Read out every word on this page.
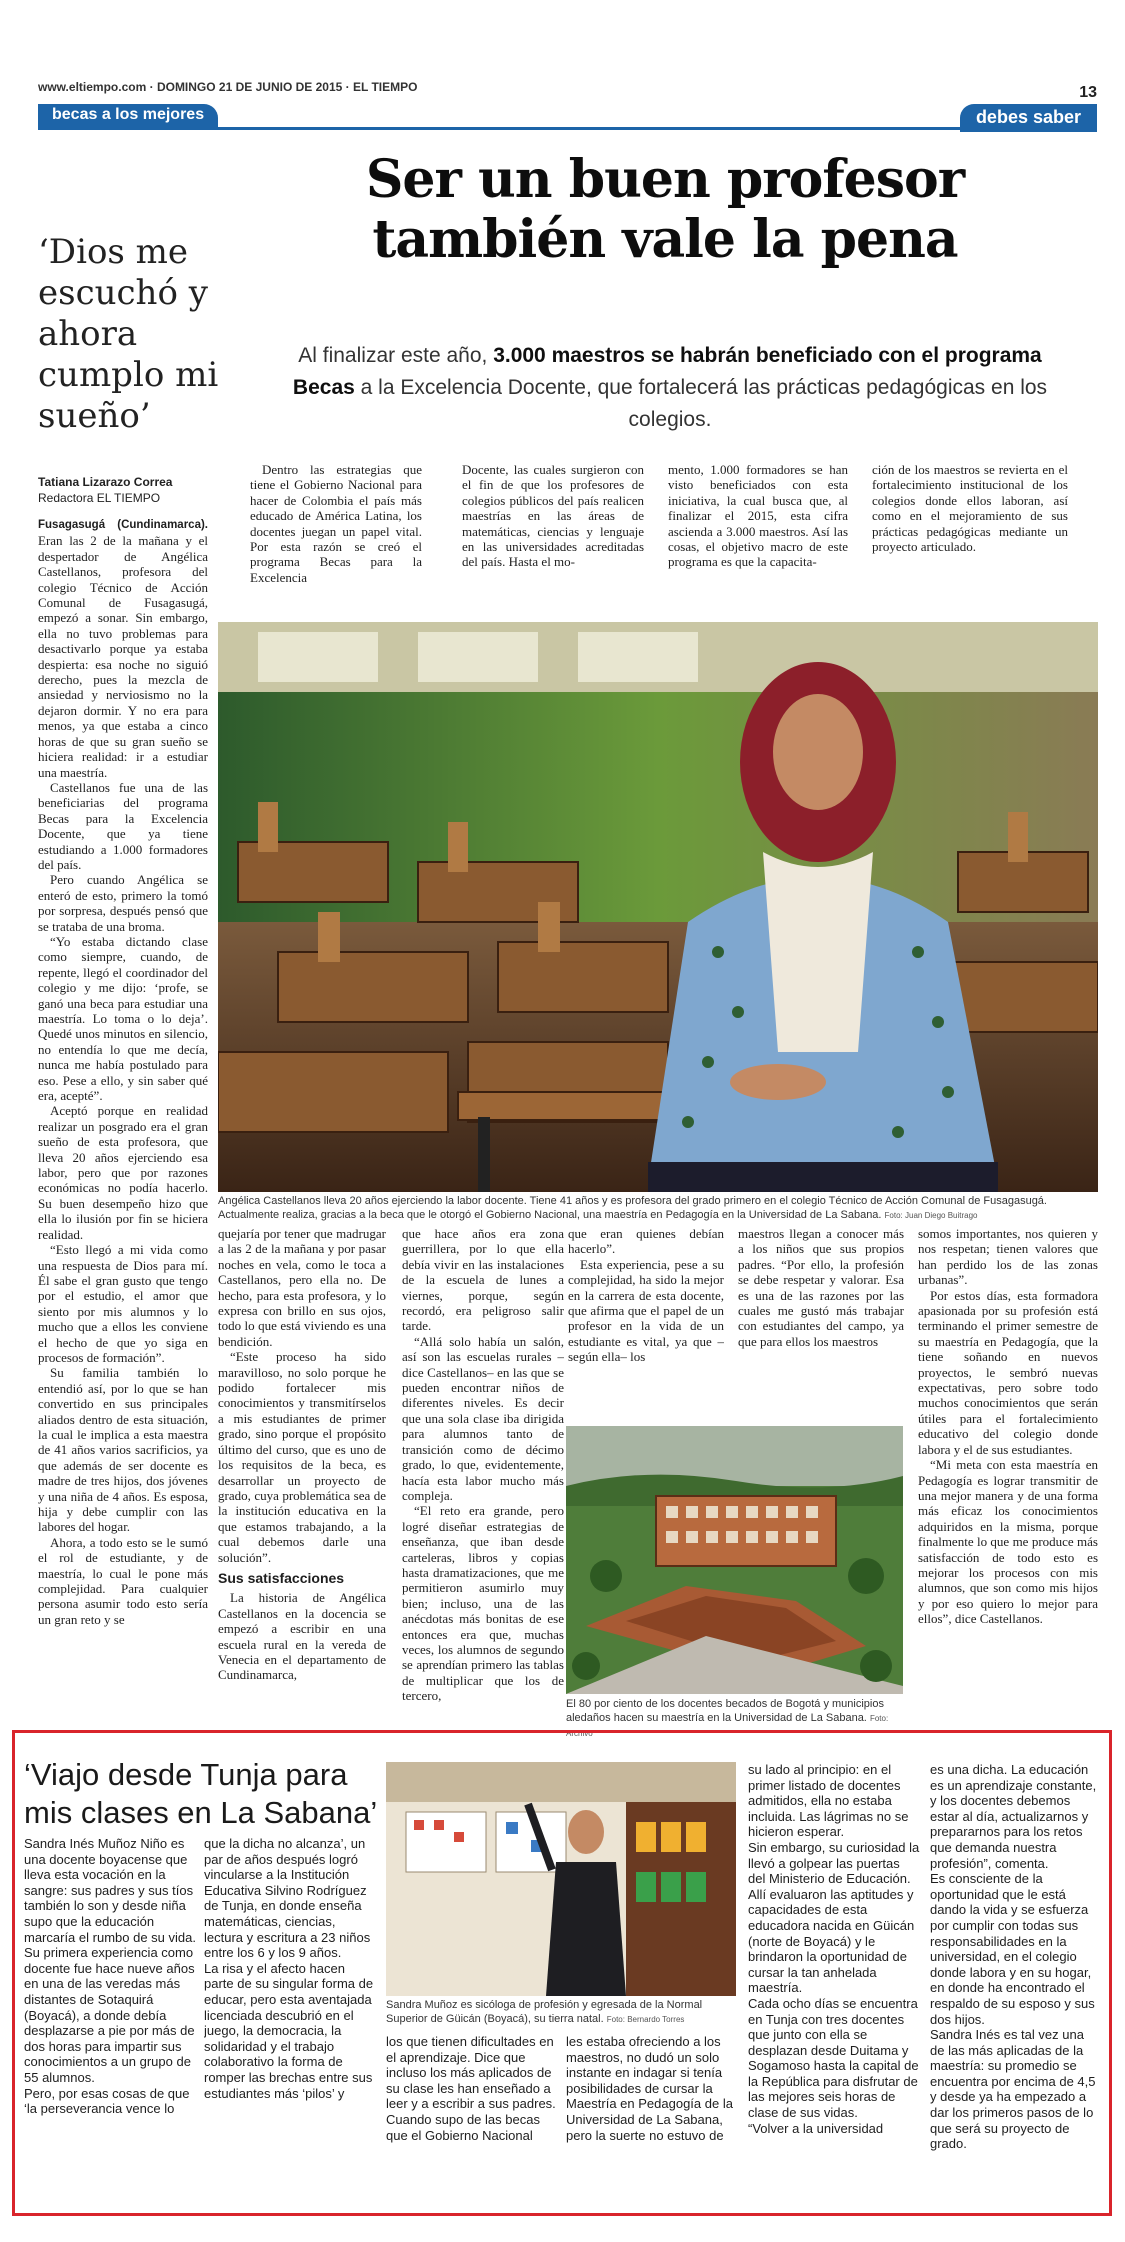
www.eltiempo.com · DOMINGO 21 DE JUNIO DE 2015 · EL TIEMPO	13
becas a los mejores	debes saber
Ser un buen profesor
también vale la pena
Al finalizar este año, 3.000 maestros se habrán beneficiado con el programa
Becas a la Excelencia Docente, que fortalecerá las prácticas pedagógicas en los colegios.
‘Dios me escuchó y ahora cumplo mi sueño’
Tatiana Lizarazo Correa
Redactora EL TIEMPO

Fusagasugá (Cundinamarca). Eran las 2 de la mañana y el despertador de Angélica Castellanos, profesora del colegio Técnico de Acción Comunal de Fusagasugá, empezó a sonar. Sin embargo, ella no tuvo problemas para desactivarlo porque ya estaba despierta: esa noche no siguió derecho, pues la mezcla de ansiedad y nerviosismo no la dejaron dormir. Y no era para menos, ya que estaba a cinco horas de que su gran sueño se hiciera realidad: ir a estudiar una maestría.

Castellanos fue una de las beneficiarias del programa Becas para la Excelencia Docente, que ya tiene estudiando a 1.000 formadores del país.

Pero cuando Angélica se enteró de esto, primero la tomó por sorpresa, después pensó que se trataba de una broma.

“Yo estaba dictando clase como siempre, cuando, de repente, llegó el coordinador del colegio y me dijo: ‘profe, se ganó una beca para estudiar una maestría. Lo toma o lo deja’. Quedé unos minutos en silencio, no entendía lo que me decía, nunca me había postulado para eso. Pese a ello, y sin saber qué era, acepté”.

Aceptó porque en realidad realizar un posgrado era el gran sueño de esta profesora, que lleva 20 años ejerciendo esa labor, pero que por razones económicas no podía hacerlo. Su buen desempeño hizo que ella lo ilusión por fin se hiciera realidad.

“Esto llegó a mi vida como una respuesta de Dios para mí. Él sabe el gran gusto que tengo por el estudio, el amor que siento por mis alumnos y lo mucho que a ellos les conviene el hecho de que yo siga en procesos de formación”.

Su familia también lo entendió así, por lo que se han convertido en sus principales aliados dentro de esta situación, la cual le implica a esta maestra de 41 años varios sacrificios, ya que además de ser docente es madre de tres hijos, dos jóvenes y una niña de 4 años. Es esposa, hija y debe cumplir con las labores del hogar.

Ahora, a todo esto se le sumó el rol de estudiante, y de maestría, lo cual le pone más complejidad. Para cualquier persona asumir todo esto sería un gran reto y se

Dentro las estrategias que tiene el Gobierno Nacional para hacer de Colombia el país más educado de América Latina, los docentes juegan un papel vital. Por esta razón se creó el programa Becas para la Excelencia

Docente, las cuales surgieron con el fin de que los profesores de colegios públicos del país realicen maestrías en las áreas de matemáticas, ciencias y lenguaje en las universidades acreditadas del país. Hasta el mo-

mento, 1.000 formadores se han visto beneficiados con esta iniciativa, la cual busca que, al finalizar el 2015, esta cifra ascienda a 3.000 maestros. Así las cosas, el objetivo macro de este programa es que la capacita-

ción de los maestros se revierta en el fortalecimiento institucional de los colegios donde ellos laboran, así como en el mejoramiento de sus prácticas pedagógicas mediante un proyecto articulado.

Angélica Castellanos lleva 20 años ejerciendo la labor docente. Tiene 41 años y es profesora del grado primero en el colegio Técnico de Acción Comunal de Fusagasugá. Actualmente realiza, gracias a la beca que le otorgó el Gobierno Nacional, una maestría en Pedagogía en la Universidad de La Sabana. Foto: Juan Diego Buitrago

quejaría por tener que madrugar a las 2 de la mañana y por pasar noches en vela, como le toca a Castellanos, pero ella no. De hecho, para esta profesora, y lo expresa con brillo en sus ojos, todo lo que está viviendo es una bendición.

“Este proceso ha sido maravilloso, no solo porque he podido fortalecer mis conocimientos y transmitírselos a mis estudiantes de primer grado, sino porque el propósito último del curso, que es uno de los requisitos de la beca, es desarrollar un proyecto de grado, cuya problemática sea de la institución educativa en la que estamos trabajando, a la cual debemos darle una solución”.

Sus satisfacciones

La historia de Angélica Castellanos en la docencia se empezó a escribir en una escuela rural en la vereda de Venecia en el departamento de Cundinamarca,

que hace años era zona guerrillera, por lo que ella debía vivir en las instalaciones de la escuela de lunes a viernes, porque, según recordó, era peligroso salir tarde.

“Allá solo había un salón, así son las escuelas rurales –dice Castellanos– en las que se pueden encontrar niños de diferentes niveles. Es decir que una sola clase iba dirigida para alumnos tanto de transición como de décimo grado, lo que, evidentemente, hacía esta labor mucho más compleja.

“El reto era grande, pero logré diseñar estrategias de enseñanza, que iban desde carteleras, libros y copias hasta dramatizaciones, que me permitieron asumirlo muy bien; incluso, una de las anécdotas más bonitas de ese entonces era que, muchas veces, los alumnos de segundo se aprendían primero las tablas de multiplicar que los de tercero,

que eran quienes debían hacerlo”.

Esta experiencia, pese a su complejidad, ha sido la mejor en la carrera de esta docente, que afirma que el papel de un profesor en la vida de un estudiante es vital, ya que –según ella– los

maestros llegan a conocer más a los niños que sus propios padres. “Por ello, la profesión se debe respetar y valorar. Esa es una de las razones por las cuales me gustó más trabajar con estudiantes del campo, ya que para ellos los maestros

somos importantes, nos quieren y nos respetan; tienen valores que han perdido los de las zonas urbanas”.

Por estos días, esta formadora apasionada por su profesión está terminando el primer semestre de su maestría en Pedagogía, que la tiene soñando en nuevos proyectos, le sembró nuevas expectativas, pero sobre todo muchos conocimientos que serán útiles para el fortalecimiento educativo del colegio donde labora y el de sus estudiantes.

“Mi meta con esta maestría en Pedagogía es lograr transmitir de una mejor manera y de una forma más eficaz los conocimientos adquiridos en la misma, porque finalmente lo que me produce más satisfacción de todo esto es mejorar los procesos con mis alumnos, que son como mis hijos y por eso quiero lo mejor para ellos”, dice Castellanos.

El 80 por ciento de los docentes becados de Bogotá y municipios aledaños hacen su maestría en la Universidad de La Sabana. Foto: Archivo
‘Viajo desde Tunja para mis clases en La Sabana’
Sandra Inés Muñoz Niño es una docente boyacense que lleva esta vocación en la sangre: sus padres y sus tíos también lo son y desde niña supo que la educación marcaría el rumbo de su vida.
Su primera experiencia como docente fue hace nueve años en una de las veredas más distantes de Sotaquirá (Boyacá), a donde debía desplazarse a pie por más de dos horas para impartir sus conocimientos a un grupo de 55 alumnos.
Pero, por esas cosas de que ‘la perseverancia vence lo
que la dicha no alcanza’, un par de años después logró vincularse a la Institución Educativa Silvino Rodríguez de Tunja, en donde enseña matemáticas, ciencias, lectura y escritura a 23 niños entre los 6 y los 9 años.
La risa y el afecto hacen parte de su singular forma de educar, pero esta aventajada licenciada descubrió en el juego, la democracia, la solidaridad y el trabajo colaborativo la forma de romper las brechas entre sus estudiantes más ‘pilos’ y
Sandra Muñoz es sicóloga de profesión y egresada de la Normal Superior de Güicán (Boyacá), su tierra natal. Foto: Bernardo Torres
los que tienen dificultades en el aprendizaje. Dice que incluso los más aplicados de su clase les han enseñado a leer y a escribir a sus padres. Cuando supo de las becas que el Gobierno Nacional
les estaba ofreciendo a los maestros, no dudó un solo instante en indagar si tenía posibilidades de cursar la Maestría en Pedagogía de la Universidad de La Sabana, pero la suerte no estuvo de
su lado al principio: en el primer listado de docentes admitidos, ella no estaba incluida. Las lágrimas no se hicieron esperar.
Sin embargo, su curiosidad la llevó a golpear las puertas del Ministerio de Educación. Allí evaluaron las aptitudes y capacidades de esta educadora nacida en Güicán (norte de Boyacá) y le brindaron la oportunidad de cursar la tan anhelada maestría.
Cada ocho días se encuentra en Tunja con tres docentes que junto con ella se desplazan desde Duitama y Sogamoso hasta la capital de la República para disfrutar de las mejores seis horas de clase de sus vidas.
“Volver a la universidad
es una dicha. La educación es un aprendizaje constante, y los docentes debemos estar al día, actualizarnos y prepararnos para los retos que demanda nuestra profesión”, comenta.
Es consciente de la oportunidad que le está dando la vida y se esfuerza por cumplir con todas sus responsabilidades en la universidad, en el colegio donde labora y en su hogar, en donde ha encontrado el respaldo de su esposo y sus dos hijos.
Sandra Inés es tal vez una de las más aplicadas de la maestría: su promedio se encuentra por encima de 4,5 y desde ya ha empezado a dar los primeros pasos de lo que será su proyecto de grado.
